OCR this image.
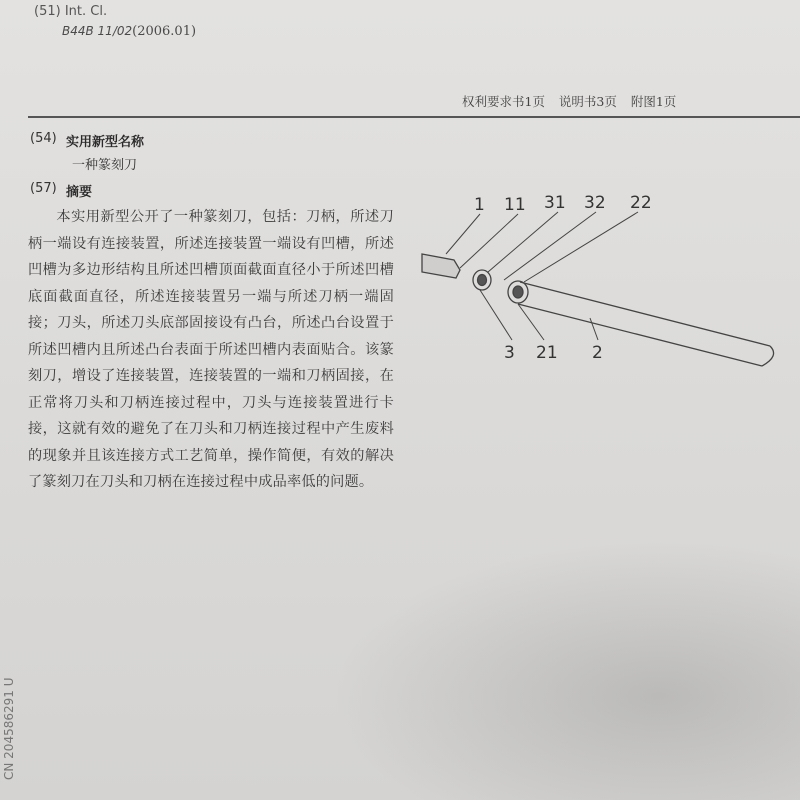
(51) Int. Cl.
B44B 11/02(2006.01)
权利要求书1页 说明书3页 附图1页
(54) 实用新型名称
一种篆刻刀
(57) 摘要

本实用新型公开了一种篆刻刀，包括：刀柄，所述刀柄一端设有连接装置，所述连接装置一端设有凹槽，所述凹槽为多边形结构且所述凹槽顶面截面直径小于所述凹槽底面截面直径，所述连接装置另一端与所述刀柄一端固接；刀头，所述刀头底部固接设有凸台，所述凸台设置于所述凹槽内且所述凸台表面于所述凹槽内表面贴合。该篆刻刀，增设了连接装置，连接装置的一端和刀柄固接，在正常将刀头和刀柄连接过程中，刀头与连接装置进行卡接，这就有效的避免了在刀头和刀柄连接过程中产生废料的现象并且该连接方式工艺简单，操作简便，有效的解决了篆刻刀在刀头和刀柄在连接过程中成品率低的问题。

CN 204586291 U
1 11 31 32 22
3 21 2
